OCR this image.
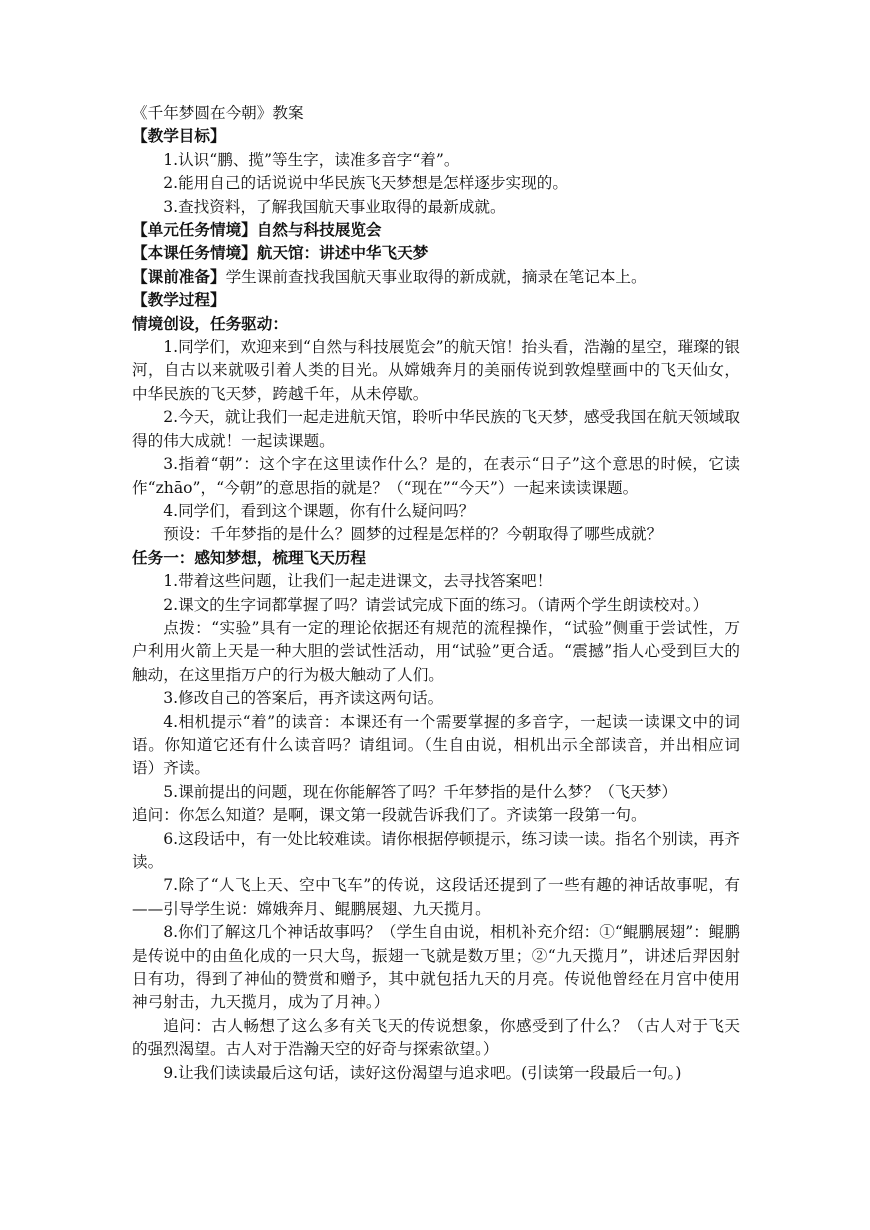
《千年梦圆在今朝》教案

【教学目标】

1.认识“鹏、揽”等生字，读准多音字“着”。

2.能用自己的话说说中华民族飞天梦想是怎样逐步实现的。

3.查找资料，了解我国航天事业取得的最新成就。

【单元任务情境】自然与科技展览会

【本课任务情境】航天馆：讲述中华飞天梦

【课前准备】学生课前查找我国航天事业取得的新成就，摘录在笔记本上。

【教学过程】

情境创设，任务驱动：

1.同学们，欢迎来到“自然与科技展览会”的航天馆！抬头看，浩瀚的星空，璀璨的银河，自古以来就吸引着人类的目光。从嫦娥奔月的美丽传说到敦煌壁画中的飞天仙女，中华民族的飞天梦，跨越千年，从未停歇。

2.今天，就让我们一起走进航天馆，聆听中华民族的飞天梦，感受我国在航天领域取得的伟大成就！一起读课题。

3.指着“朝”：这个字在这里读作什么？是的，在表示“日子”这个意思的时候，它读作“zhāo”，“今朝”的意思指的就是？（“现在”“今天”）一起来读读课题。

4.同学们，看到这个课题，你有什么疑问吗？

预设：千年梦指的是什么？圆梦的过程是怎样的？今朝取得了哪些成就？

任务一：感知梦想，梳理飞天历程

1.带着这些问题，让我们一起走进课文，去寻找答案吧！

2.课文的生字词都掌握了吗？请尝试完成下面的练习。（请两个学生朗读校对。）

点拨：“实验”具有一定的理论依据还有规范的流程操作，“试验”侧重于尝试性，万户利用火箭上天是一种大胆的尝试性活动，用“试验”更合适。“震撼”指人心受到巨大的触动，在这里指万户的行为极大触动了人们。

3.修改自己的答案后，再齐读这两句话。

4.相机提示“着”的读音：本课还有一个需要掌握的多音字，一起读一读课文中的词语。你知道它还有什么读音吗？请组词。（生自由说，相机出示全部读音，并出相应词语）齐读。

5.课前提出的问题，现在你能解答了吗？千年梦指的是什么梦？（飞天梦）

追问：你怎么知道？是啊，课文第一段就告诉我们了。齐读第一段第一句。

6.这段话中，有一处比较难读。请你根据停顿提示，练习读一读。指名个别读，再齐读。

7.除了“人飞上天、空中飞车”的传说，这段话还提到了一些有趣的神话故事呢，有——引导学生说：嫦娥奔月、鲲鹏展翅、九天揽月。

8.你们了解这几个神话故事吗？（学生自由说，相机补充介绍：①“鲲鹏展翅”：鲲鹏是传说中的由鱼化成的一只大鸟，振翅一飞就是数万里；②“九天揽月”，讲述后羿因射日有功，得到了神仙的赞赏和赠予，其中就包括九天的月亮。传说他曾经在月宫中使用神弓射击，九天揽月，成为了月神。）

追问：古人畅想了这么多有关飞天的传说想象，你感受到了什么？（古人对于飞天的强烈渴望。古人对于浩瀚天空的好奇与探索欲望。）

9.让我们读读最后这句话，读好这份渴望与追求吧。(引读第一段最后一句。)
